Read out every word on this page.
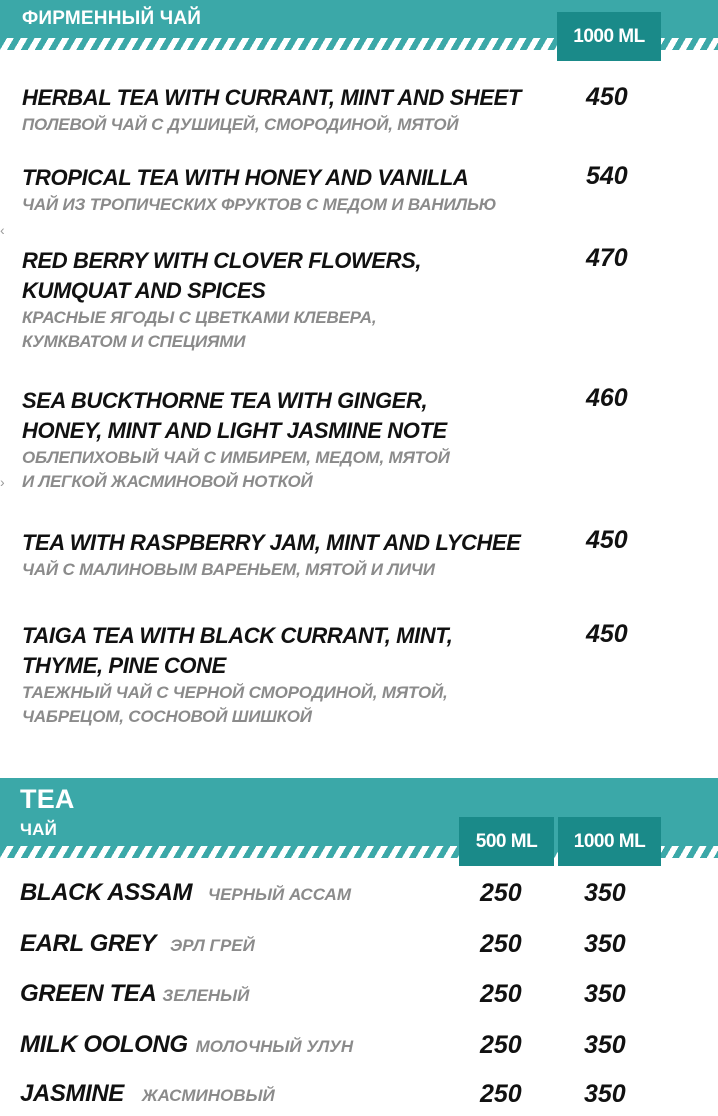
ФИРМЕННЫЙ ЧАЙ
1000 ML
HERBAL TEA WITH CURRANT, MINT AND SHEET
ПОЛЕВОЙ ЧАЙ С ДУШИЦЕЙ, СМОРОДИНОЙ, МЯТОЙ
450
TROPICAL TEA WITH HONEY AND VANILLA
ЧАЙ ИЗ ТРОПИЧЕСКИХ ФРУКТОВ С МЕДОМ И ВАНИЛЬЮ
540
RED BERRY WITH CLOVER FLOWERS,
KUMQUAT AND SPICES
КРАСНЫЕ ЯГОДЫ С ЦВЕТКАМИ КЛЕВЕРА,
КУМКВАТОМ И СПЕЦИЯМИ
470
SEA BUCKTHORNE TEA WITH GINGER,
HONEY, MINT AND LIGHT JASMINE NOTE
ОБЛЕПИХОВЫЙ ЧАЙ С ИМБИРЕМ, МЕДОМ, МЯТОЙ
И ЛЕГКОЙ ЖАСМИНОВОЙ НОТКОЙ
460
TEA WITH RASPBERRY JAM, MINT AND LYCHEE
ЧАЙ С МАЛИНОВЫМ ВАРЕНЬЕМ, МЯТОЙ И ЛИЧИ
450
TAIGA TEA WITH BLACK CURRANT, MINT,
THYME, PINE CONE
ТАЕЖНЫЙ ЧАЙ С ЧЕРНОЙ СМОРОДИНОЙ, МЯТОЙ,
ЧАБРЕЦОМ, СОСНОВОЙ ШИШКОЙ
450
‹
›
TEA
ЧАЙ
500 ML	1000 ML
BLACK ASSAM ЧЕРНЫЙ АССАМ	250 350
EARL GREY ЭРЛ ГРЕЙ	250 350
GREEN TEA ЗЕЛЕНЫЙ	250 350
MILK OOLONG МОЛОЧНЫЙ УЛУН	250 350
JASMINE ЖАСМИНОВЫЙ	250 350
